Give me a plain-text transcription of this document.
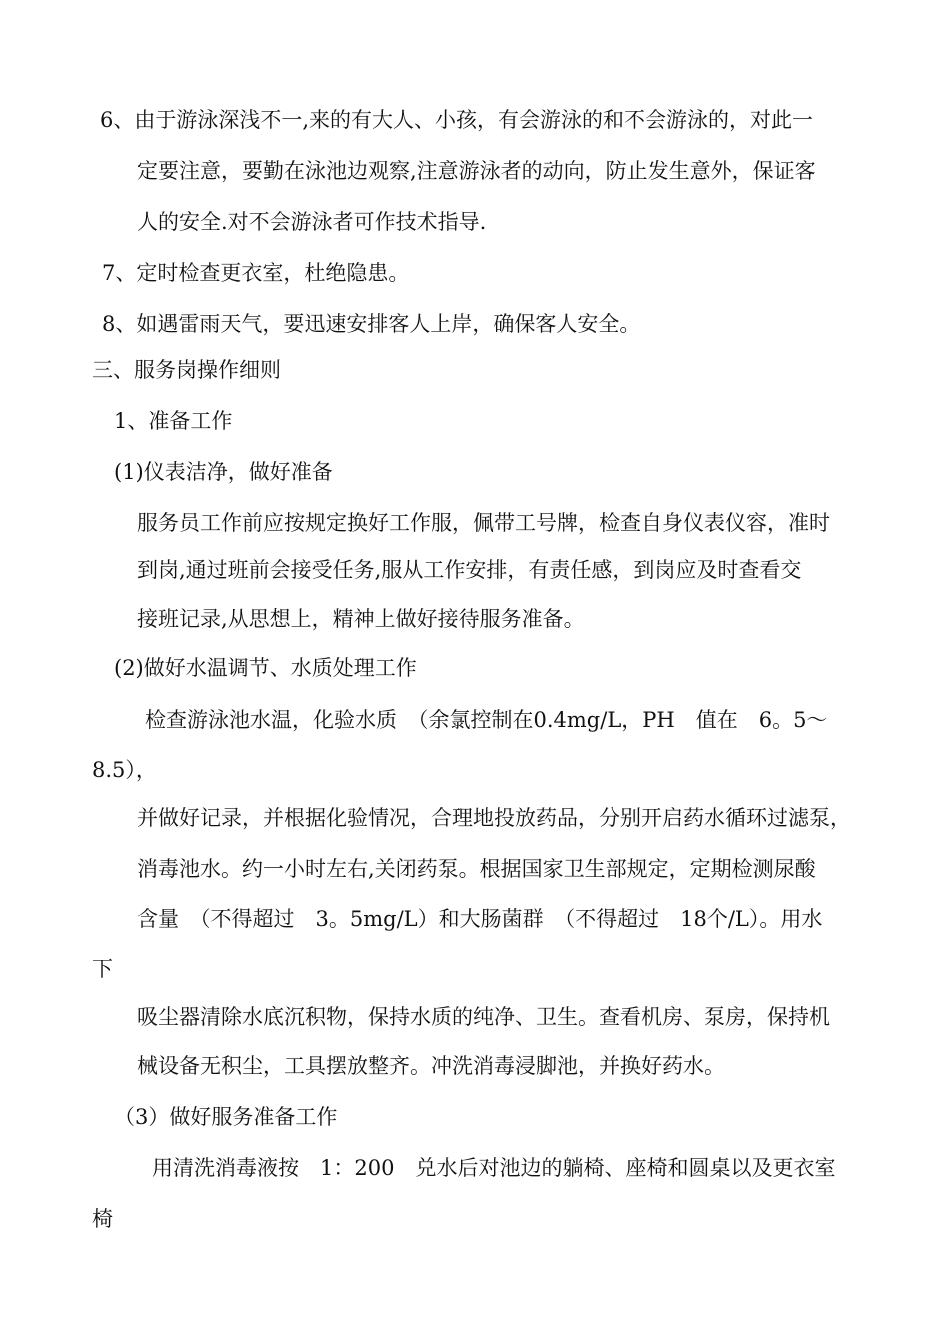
6、由于游泳深浅不一,来的有大人、小孩，有会游泳的和不会游泳的，对此一
定要注意，要勤在泳池边观察,注意游泳者的动向，防止发生意外，保证客
人的安全.对不会游泳者可作技术指导.
7、定时检查更衣室，杜绝隐患。
8、如遇雷雨天气，要迅速安排客人上岸，确保客人安全。
三、服务岗操作细则
1、准备工作
(1)仪表洁净，做好准备
服务员工作前应按规定换好工作服，佩带工号牌，检查自身仪表仪容，准时
到岗,通过班前会接受任务,服从工作安排，有责任感，到岗应及时查看交
接班记录,从思想上，精神上做好接待服务准备。
(2)做好水温调节、水质处理工作
检查游泳池水温，化验水质　（余氯控制在0.4mg/L，PH　值在　6。5～
8.5），
并做好记录，并根据化验情况，合理地投放药品，分别开启药水循环过滤泵，
消毒池水。约一小时左右,关闭药泵。根据国家卫生部规定，定期检测尿酸
含量　（不得超过　3。5mg/L）和大肠菌群　（不得超过　18个/L）。用水
下
吸尘器清除水底沉积物，保持水质的纯净、卫生。查看机房、泵房，保持机
械设备无积尘，工具摆放整齐。冲洗消毒浸脚池，并换好药水。
（3）做好服务准备工作
用清洗消毒液按　1：200　兑水后对池边的躺椅、座椅和圆桌以及更衣室
椅
